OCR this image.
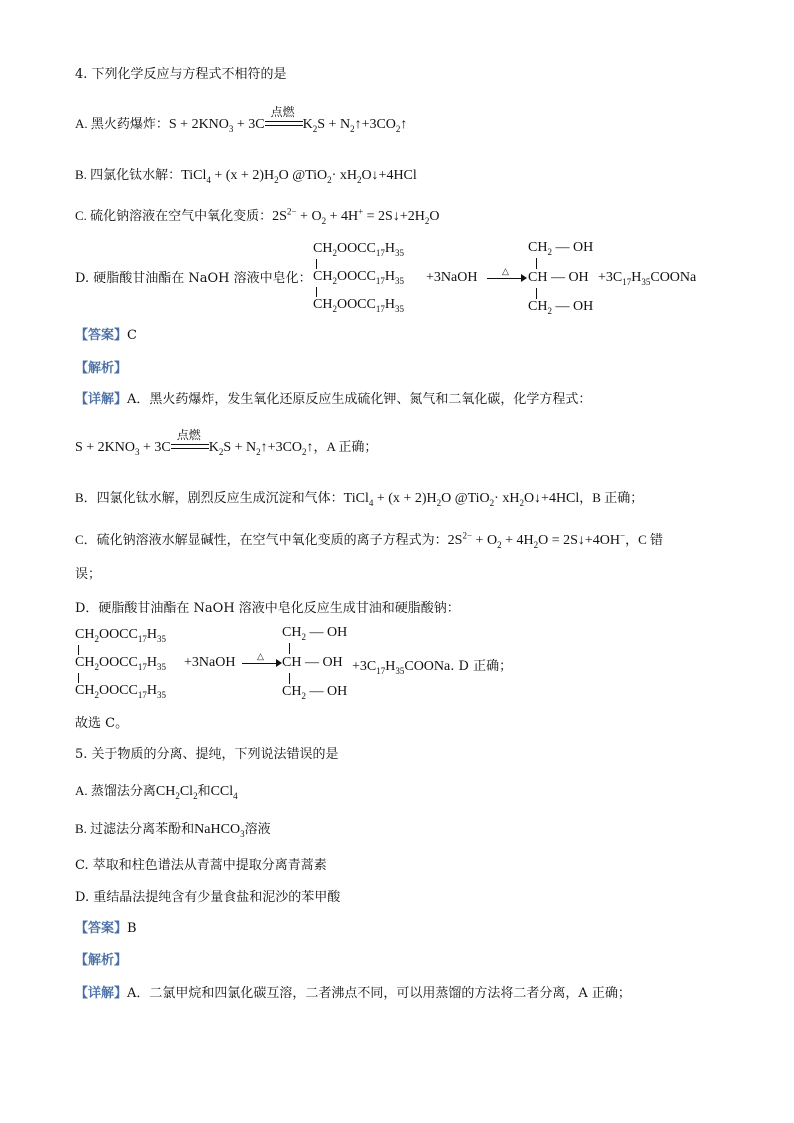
4. 下列化学反应与方程式不相符的是
A. 黑火药爆炸：$S + 2KNO_3 + 3C$
点燃
$K_2S$ + $N_2↑+3CO_2↑$
B. 四氯化钛水解：TiCl$_4$ + $(x + 2)H_2O$ @TiO$_2$· $xH_2O↓+4HCl$
C. 硫化钠溶液在空气中氧化变质：$2S^{2-} + O_2 + 4H^+$ = $2S↓+2H_2O$
D. 硬脂酸甘油酯在 NaOH 溶液中皂化：
$CH_2OOCC_{17}H_{35}$
$CH_2OOCC_{17}H_{35}$
$CH_2OOCC_{17}H_{35}$
+3NaOH	△
$CH_2$ — OH
CH — OH
$CH_2$ — OH
$+3C_{17}H_{35}COONa$
【答案】C
【解析】
【详解】A．黑火药爆炸，发生氧化还原反应生成硫化钾、氮气和二氧化碳，化学方程式：
$S + 2KNO_3 + 3C$
点燃
$K_2S$ + $N_2↑+3CO_2↑$，A 正确；
B．四氯化钛水解，剧烈反应生成沉淀和气体：TiCl$_4$ + $(x + 2)H_2O$ @TiO$_2$· $xH_2O↓+4HCl$，B 正确；
C．硫化钠溶液水解显碱性，在空气中氧化变质的离子方程式为：$2S^{2-} + O_2 + 4H_2O$ = 2S↓+4OH−，C 错
误；
D．硬脂酸甘油酯在 NaOH 溶液中皂化反应生成甘油和硬脂酸钠：
$CH_2OOCC_{17}H_{35}$
$CH_2OOCC_{17}H_{35}$
$CH_2OOCC_{17}H_{35}$
+3NaOH △
$CH_2$ — OH
CH — OH
$CH_2$ — OH
$+3C_{17}H_{35}COONa$. D 正确；
故选 C。
5. 关于物质的分离、提纯，下列说法错误的是
A. 蒸馏法分离$CH_2Cl_2$和CCl$_4$
B. 过滤法分离苯酚和NaHCO$_3$溶液
C. 萃取和柱色谱法从青蒿中提取分离青蒿素
D. 重结晶法提纯含有少量食盐和泥沙的苯甲酸
【答案】B
【解析】
【详解】A．二氯甲烷和四氯化碳互溶，二者沸点不同，可以用蒸馏的方法将二者分离，A 正确；
